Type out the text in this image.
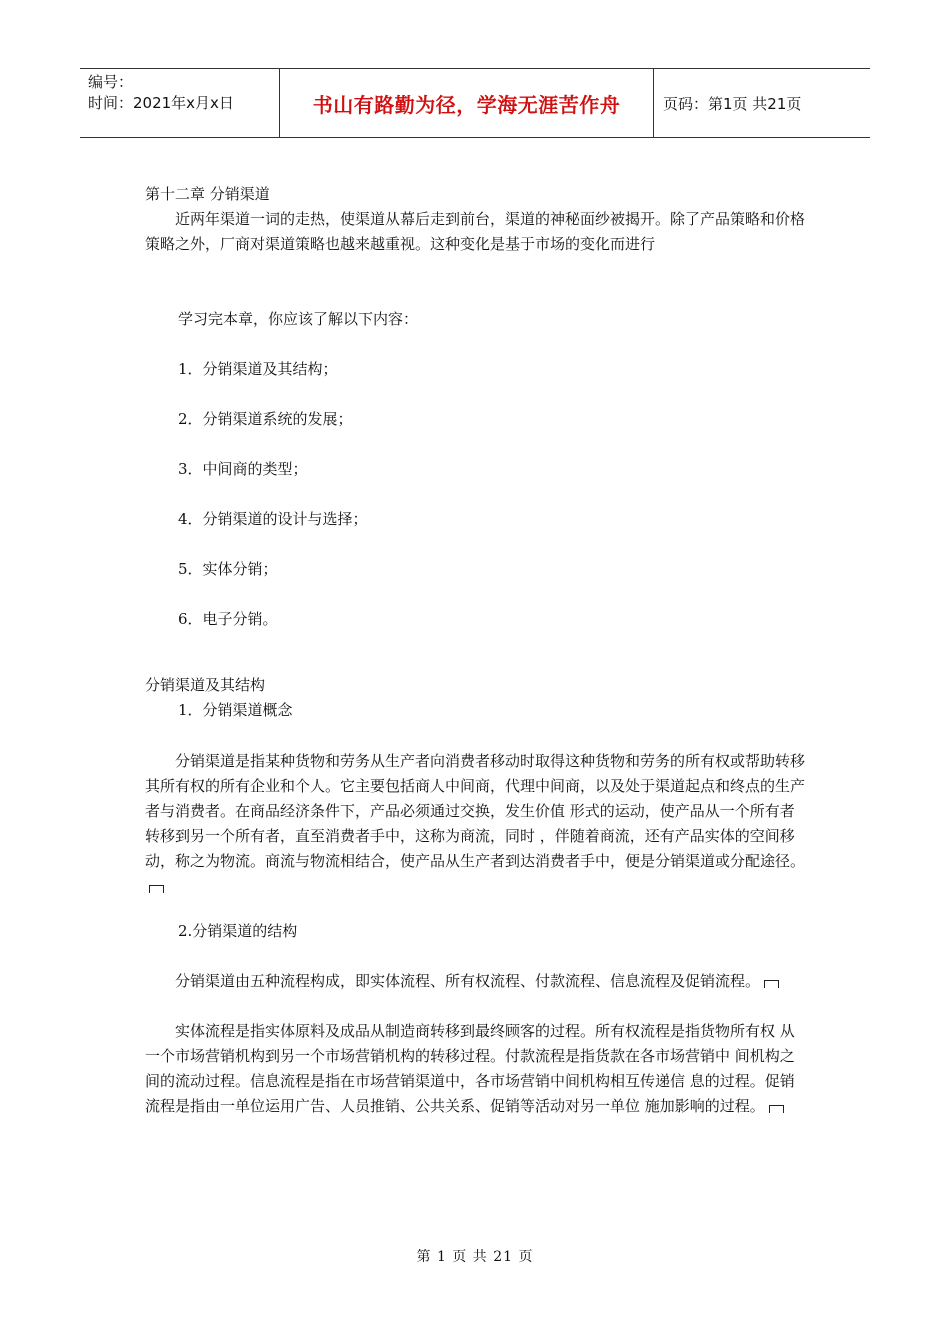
编号：
时间：2021年x月x日	书山有路勤为径，学海无涯苦作舟	页码：第1页 共21页

第十二章 分销渠道

近两年渠道一词的走热，使渠道从幕后走到前台，渠道的神秘面纱被揭开。除了产品策略和价格策略之外，厂商对渠道策略也越来越重视。这种变化是基于市场的变化而进行

学习完本章，你应该了解以下内容：

1．分销渠道及其结构；

2．分销渠道系统的发展；

3．中间商的类型；

4．分销渠道的设计与选择；

5．实体分销；

6．电子分销。

分销渠道及其结构

1．分销渠道概念

分销渠道是指某种货物和劳务从生产者向消费者移动时取得这种货物和劳务的所有权或帮助转移其所有权的所有企业和个人。它主要包括商人中间商，代理中间商，以及处于渠道起点和终点的生产者与消费者。在商品经济条件下，产品必须通过交换，发生价值 形式的运动，使产品从一个所有者转移到另一个所有者，直至消费者手中，这称为商流，同时 ，伴随着商流，还有产品实体的空间移动，称之为物流。商流与物流相结合，使产品从生产者到达消费者手中，便是分销渠道或分配途径。

2.分销渠道的结构

分销渠道由五种流程构成，即实体流程、所有权流程、付款流程、信息流程及促销流程。

实体流程是指实体原料及成品从制造商转移到最终顾客的过程。所有权流程是指货物所有权 从一个市场营销机构到另一个市场营销机构的转移过程。付款流程是指货款在各市场营销中 间机构之间的流动过程。信息流程是指在市场营销渠道中，各市场营销中间机构相互传递信 息的过程。促销流程是指由一单位运用广告、人员推销、公共关系、促销等活动对另一单位 施加影响的过程。

第 1 页 共 21 页
